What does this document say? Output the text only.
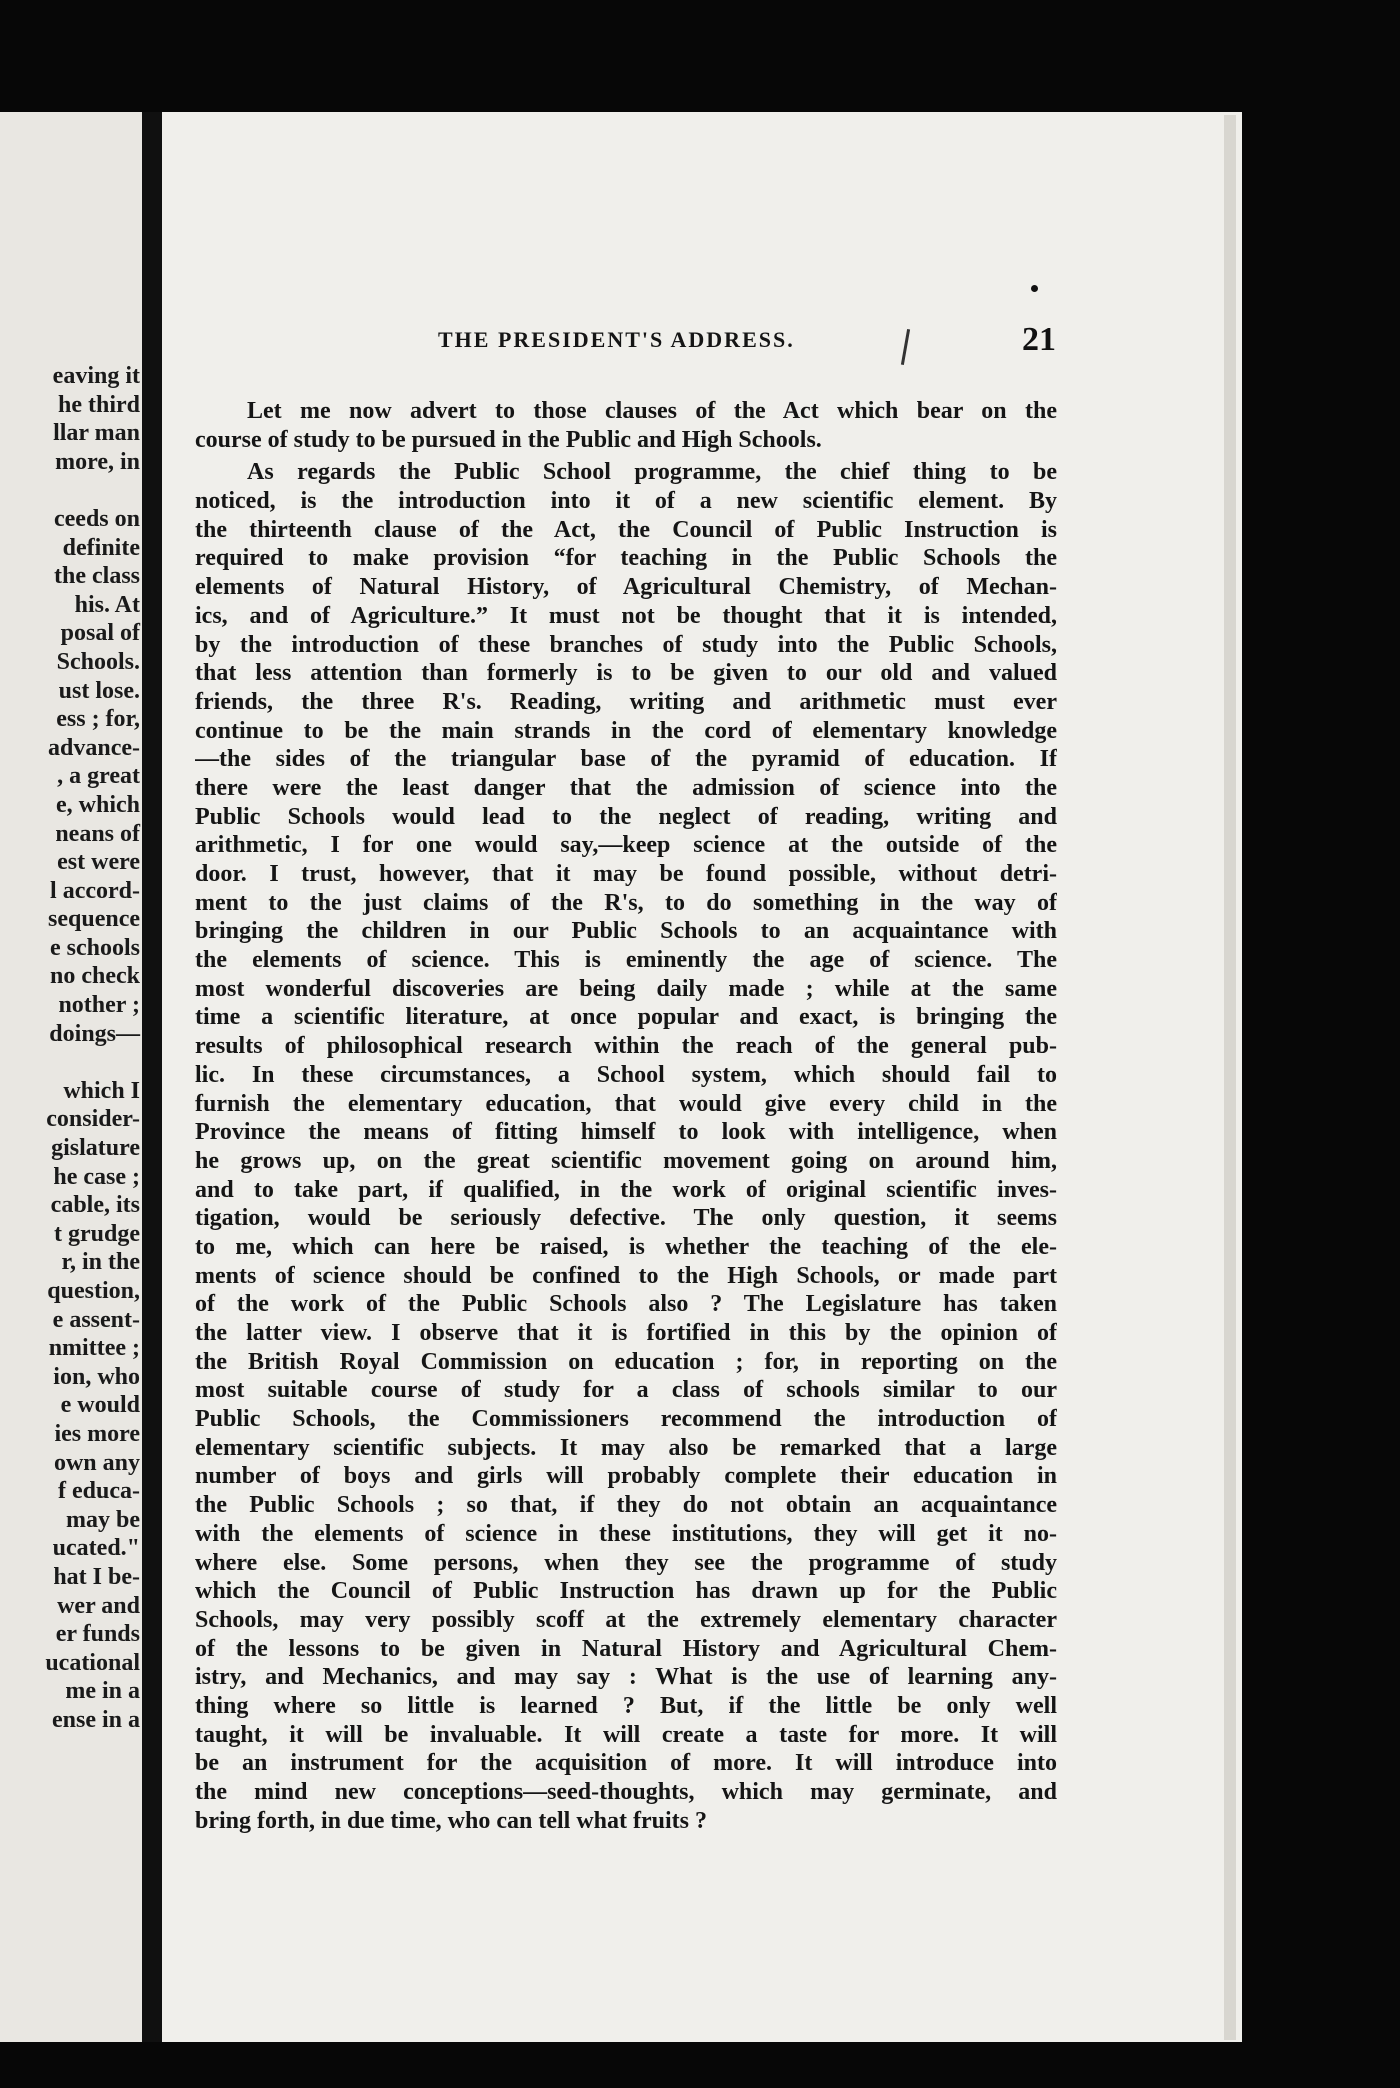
eaving it
he third
llar man
more, in
ceeds on
definite
the class
his. At
posal of
Schools.
ust lose.
ess ; for,
advance-
, a great
e, which
neans of
est were
l accord-
sequence
e schools
no check
nother ;
doings—
which I
consider-
gislature
he case ;
cable, its
t grudge
r, in the
question,
e assent-
nmittee ;
ion, who
e would
ies more
own any
f educa-
may be
ucated."
hat I be-
wer and
er funds
ucational
me in a
ense in a
THE PRESIDENT'S ADDRESS.	21
Let me now advert to those clauses of the Act which bear on the
course of study to be pursued in the Public and High Schools.
As regards the Public School programme, the chief thing to be
noticed, is the introduction into it of a new scientific element. By
the thirteenth clause of the Act, the Council of Public Instruction is
required to make provision “for teaching in the Public Schools the
elements of Natural History, of Agricultural Chemistry, of Mechan-
ics, and of Agriculture.” It must not be thought that it is intended,
by the introduction of these branches of study into the Public Schools,
that less attention than formerly is to be given to our old and valued
friends, the three R's. Reading, writing and arithmetic must ever
continue to be the main strands in the cord of elementary knowledge
—the sides of the triangular base of the pyramid of education. If
there were the least danger that the admission of science into the
Public Schools would lead to the neglect of reading, writing and
arithmetic, I for one would say,—keep science at the outside of the
door. I trust, however, that it may be found possible, without detri-
ment to the just claims of the R's, to do something in the way of
bringing the children in our Public Schools to an acquaintance with
the elements of science. This is eminently the age of science. The
most wonderful discoveries are being daily made ; while at the same
time a scientific literature, at once popular and exact, is bringing the
results of philosophical research within the reach of the general pub-
lic. In these circumstances, a School system, which should fail to
furnish the elementary education, that would give every child in the
Province the means of fitting himself to look with intelligence, when
he grows up, on the great scientific movement going on around him,
and to take part, if qualified, in the work of original scientific inves-
tigation, would be seriously defective. The only question, it seems
to me, which can here be raised, is whether the teaching of the ele-
ments of science should be confined to the High Schools, or made part
of the work of the Public Schools also ? The Legislature has taken
the latter view. I observe that it is fortified in this by the opinion of
the British Royal Commission on education ; for, in reporting on the
most suitable course of study for a class of schools similar to our
Public Schools, the Commissioners recommend the introduction of
elementary scientific subjects. It may also be remarked that a large
number of boys and girls will probably complete their education in
the Public Schools ; so that, if they do not obtain an acquaintance
with the elements of science in these institutions, they will get it no-
where else. Some persons, when they see the programme of study
which the Council of Public Instruction has drawn up for the Public
Schools, may very possibly scoff at the extremely elementary character
of the lessons to be given in Natural History and Agricultural Chem-
istry, and Mechanics, and may say : What is the use of learning any-
thing where so little is learned ? But, if the little be only well
taught, it will be invaluable. It will create a taste for more. It will
be an instrument for the acquisition of more. It will introduce into
the mind new conceptions—seed-thoughts, which may germinate, and
bring forth, in due time, who can tell what fruits ?
